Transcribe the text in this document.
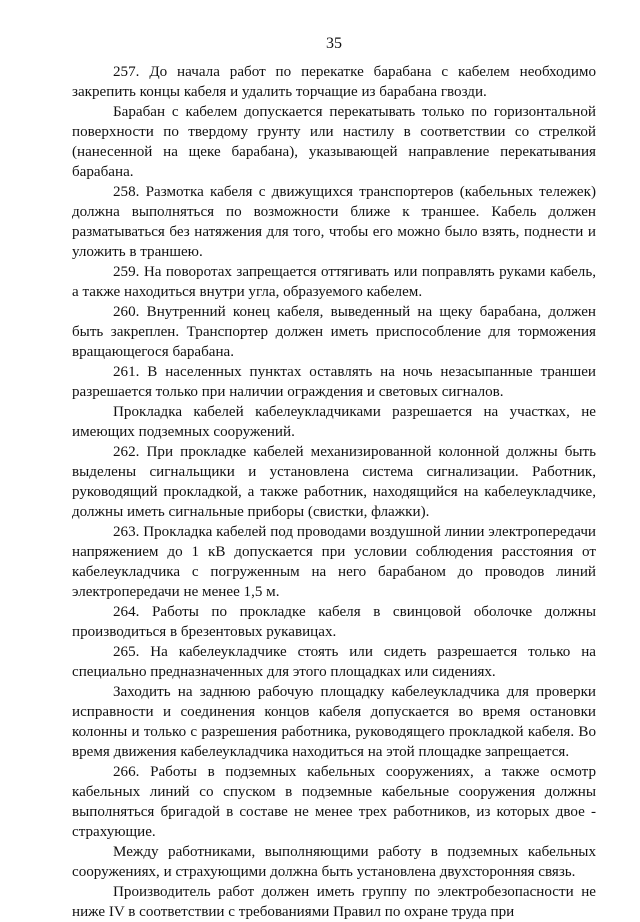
35

257. До начала работ по перекатке барабана с кабелем необходимо закрепить концы кабеля и удалить торчащие из барабана гвозди.

Барабан с кабелем допускается перекатывать только по горизонтальной поверхности по твердому грунту или настилу в соответствии со стрелкой (нанесенной на щеке барабана), указывающей направление перекатывания барабана.

258. Размотка кабеля с движущихся транспортеров (кабельных тележек) должна выполняться по возможности ближе к траншее. Кабель должен разматываться без натяжения для того, чтобы его можно было взять, поднести и уложить в траншею.

259. На поворотах запрещается оттягивать или поправлять руками кабель, а также находиться внутри угла, образуемого кабелем.

260. Внутренний конец кабеля, выведенный на щеку барабана, должен быть закреплен. Транспортер должен иметь приспособление для торможения вращающегося барабана.

261. В населенных пунктах оставлять на ночь незасыпанные траншеи разрешается только при наличии ограждения и световых сигналов.

Прокладка кабелей кабелеукладчиками разрешается на участках, не имеющих подземных сооружений.

262. При прокладке кабелей механизированной колонной должны быть выделены сигнальщики и установлена система сигнализации. Работник, руководящий прокладкой, а также работник, находящийся на кабелеукладчике, должны иметь сигнальные приборы (свистки, флажки).

263. Прокладка кабелей под проводами воздушной линии электропередачи напряжением до 1 кВ допускается при условии соблюдения расстояния от кабелеукладчика с погруженным на него барабаном до проводов линий электропередачи не менее 1,5 м.

264. Работы по прокладке кабеля в свинцовой оболочке должны производиться в брезентовых рукавицах.

265. На кабелеукладчике стоять или сидеть разрешается только на специально предназначенных для этого площадках или сидениях.

Заходить на заднюю рабочую площадку кабелеукладчика для проверки исправности и соединения концов кабеля допускается во время остановки колонны и только с разрешения работника, руководящего прокладкой кабеля. Во время движения кабелеукладчика находиться на этой площадке запрещается.

266. Работы в подземных кабельных сооружениях, а также осмотр кабельных линий со спуском в подземные кабельные сооружения должны выполняться бригадой в составе не менее трех работников, из которых двое - страхующие.

Между работниками, выполняющими работу в подземных кабельных сооружениях, и страхующими должна быть установлена двухсторонняя связь.

Производитель работ должен иметь группу по электробезопасности не ниже IV в соответствии с требованиями Правил по охране труда при
